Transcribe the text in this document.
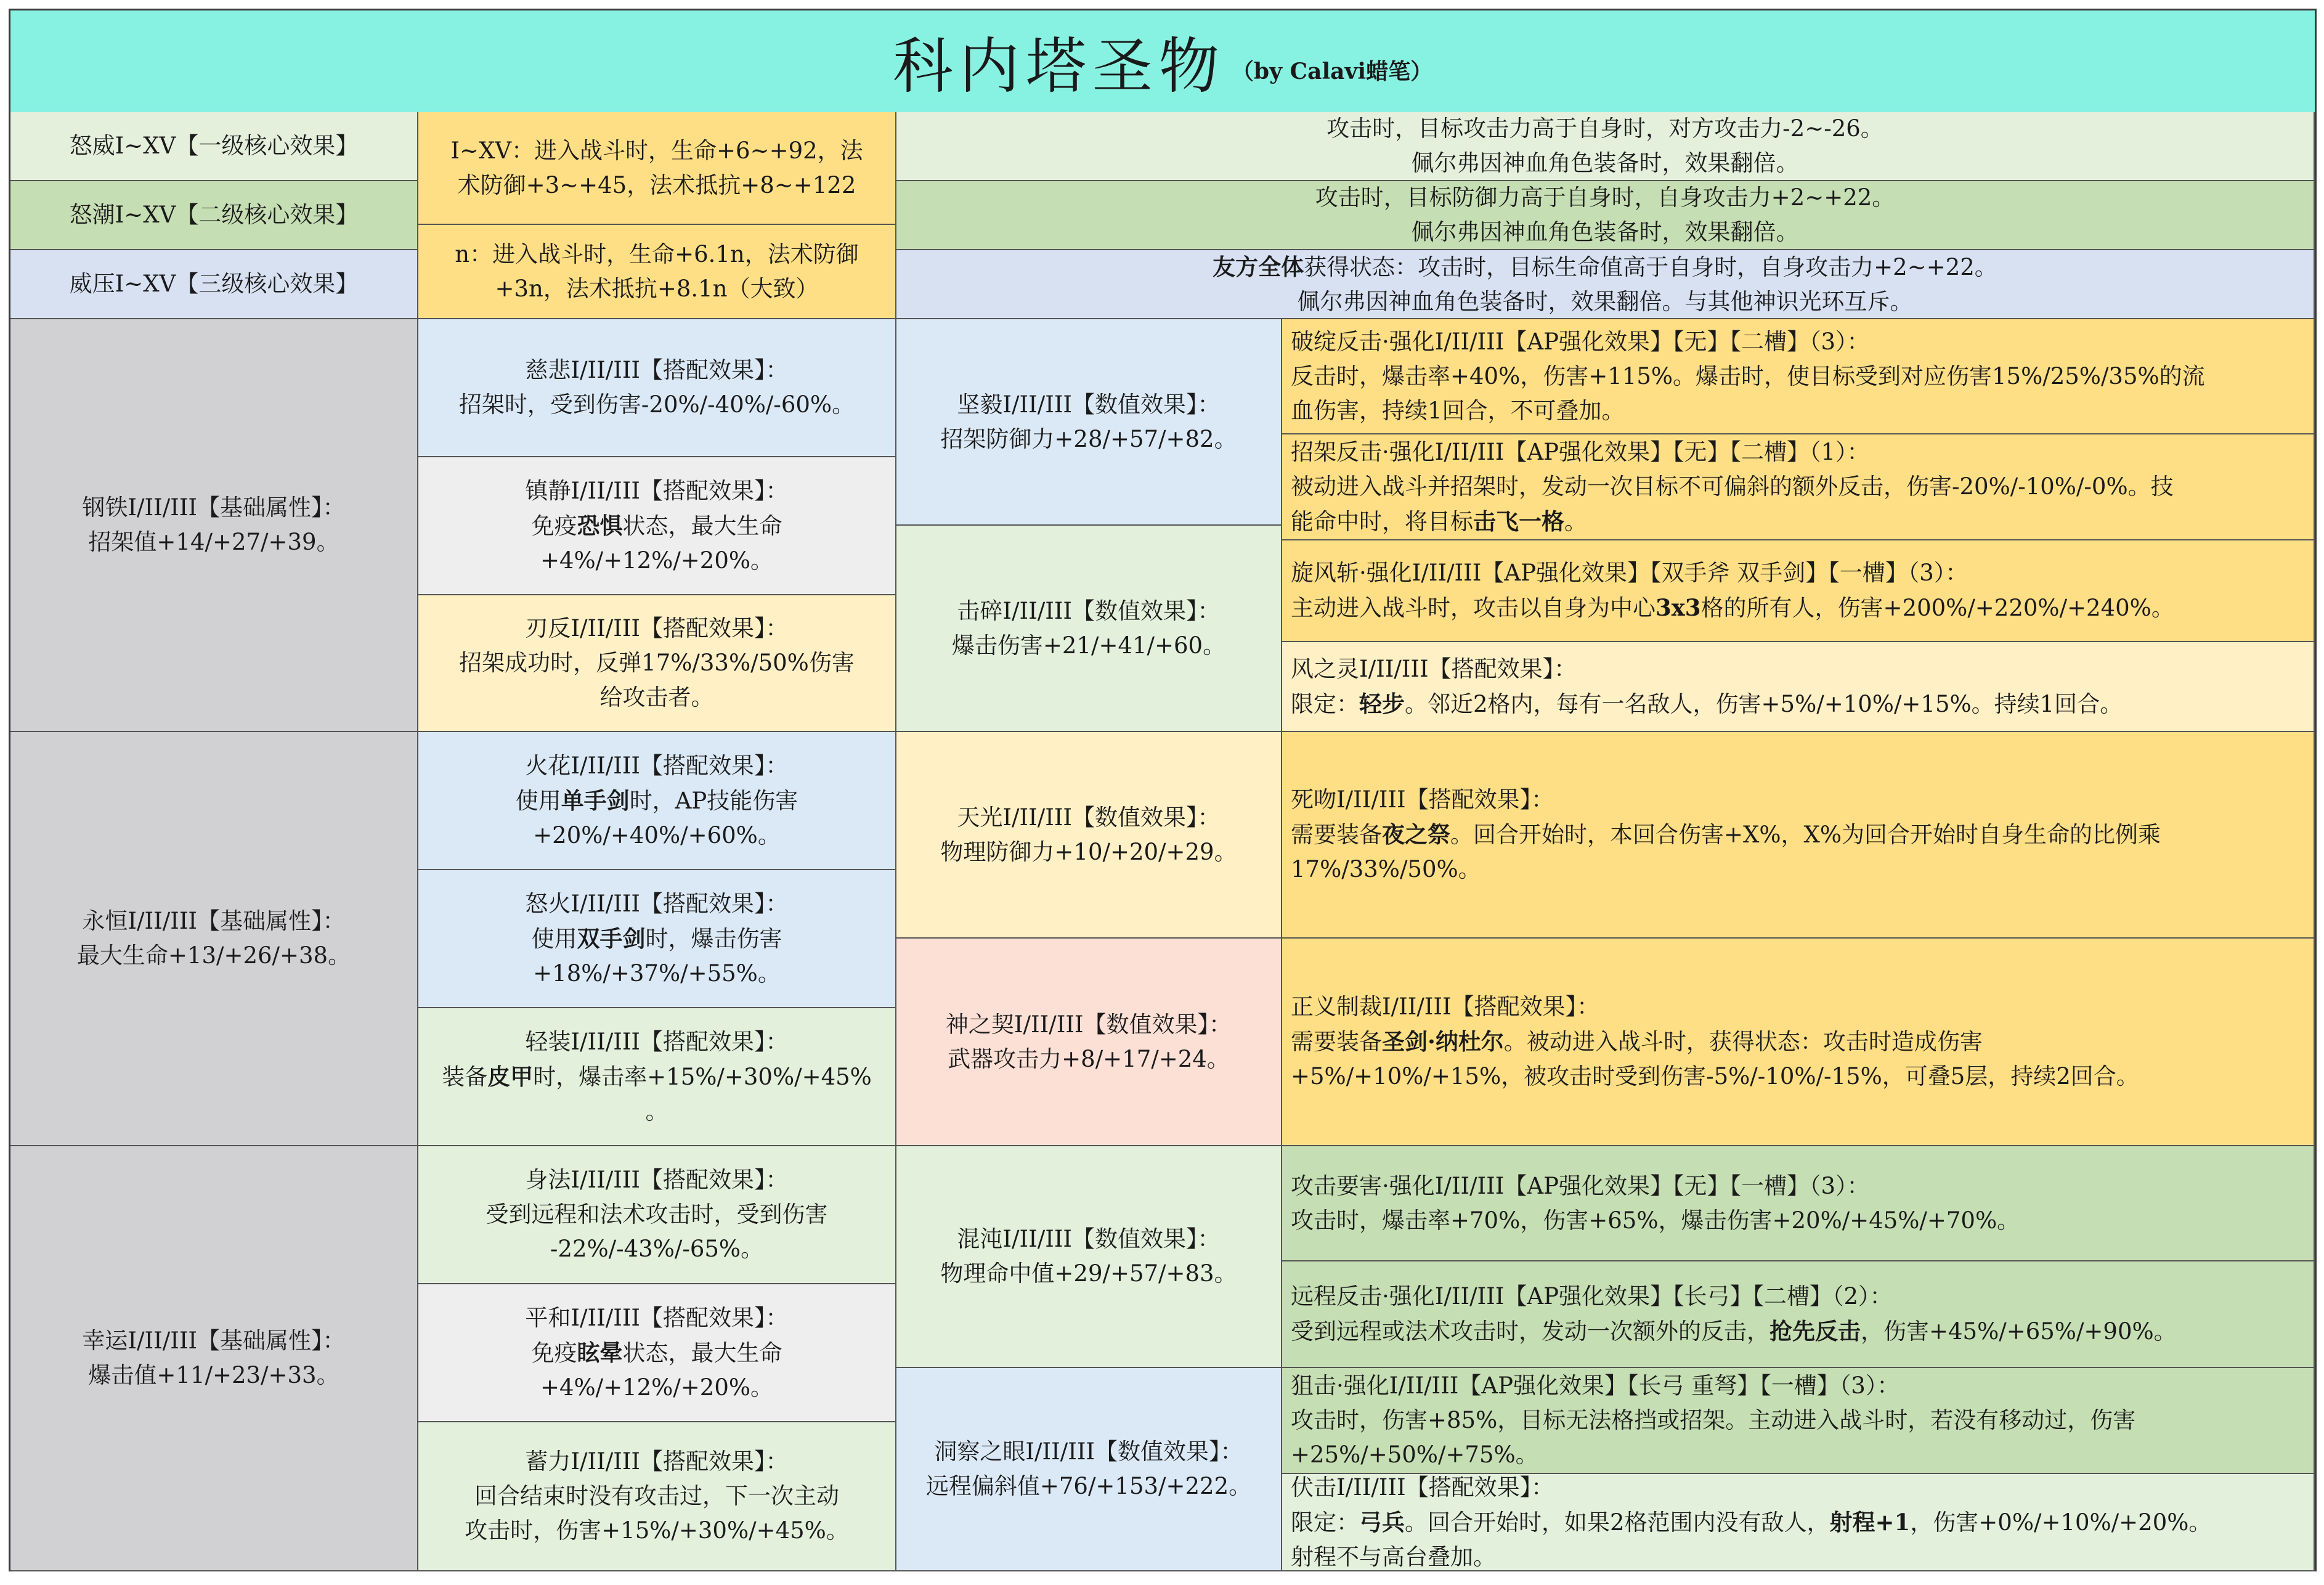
科内塔圣物 （by Calavi蜡笔）
怒威I~XV【一级核心效果】
怒潮I~XV【二级核心效果】
威压I~XV【三级核心效果】
I~XV：进入战斗时，生命+6~+92，法
术防御+3~+45，法术抵抗+8~+122
n：进入战斗时，生命+6.1n，法术防御
+3n，法术抵抗+8.1n（大致）
攻击时，目标攻击力高于自身时，对方攻击力-2~-26。
佩尔弗因神血角色装备时，效果翻倍。
攻击时，目标防御力高于自身时，自身攻击力+2~+22。
佩尔弗因神血角色装备时，效果翻倍。
友方全体获得状态：攻击时，目标生命值高于自身时，自身攻击力+2~+22。
佩尔弗因神血角色装备时，效果翻倍。与其他神识光环互斥。
钢铁I/II/III【基础属性】：
招架值+14/+27/+39。
永恒I/II/III【基础属性】：
最大生命+13/+26/+38。
幸运I/II/III【基础属性】：
爆击值+11/+23/+33。
慈悲I/II/III【搭配效果】：
招架时，受到伤害-20%/-40%/-60%。
镇静I/II/III【搭配效果】：
免疫恐惧状态，最大生命
+4%/+12%/+20%。
刃反I/II/III【搭配效果】：
招架成功时，反弹17%/33%/50%伤害
给攻击者。
火花I/II/III【搭配效果】：
使用单手剑时，AP技能伤害
+20%/+40%/+60%。
怒火I/II/III【搭配效果】：
使用双手剑时，爆击伤害
+18%/+37%/+55%。
轻装I/II/III【搭配效果】：
装备皮甲时，爆击率+15%/+30%/+45%
。
身法I/II/III【搭配效果】：
受到远程和法术攻击时，受到伤害
-22%/-43%/-65%。
平和I/II/III【搭配效果】：
免疫眩晕状态，最大生命
+4%/+12%/+20%。
蓄力I/II/III【搭配效果】：
回合结束时没有攻击过，下一次主动
攻击时，伤害+15%/+30%/+45%。
坚毅I/II/III【数值效果】：
招架防御力+28/+57/+82。
击碎I/II/III【数值效果】：
爆击伤害+21/+41/+60。
天光I/II/III【数值效果】：
物理防御力+10/+20/+29。
神之契I/II/III【数值效果】：
武器攻击力+8/+17/+24。
混沌I/II/III【数值效果】：
物理命中值+29/+57/+83。
洞察之眼I/II/III【数值效果】：
远程偏斜值+76/+153/+222。
破绽反击·强化I/II/III【AP强化效果】【无】【二槽】（3）：
反击时，爆击率+40%，伤害+115%。爆击时，使目标受到对应伤害15%/25%/35%的流
血伤害，持续1回合，不可叠加。
招架反击·强化I/II/III【AP强化效果】【无】【二槽】（1）：
被动进入战斗并招架时，发动一次目标不可偏斜的额外反击，伤害-20%/-10%/-0%。技
能命中时，将目标击飞一格。
旋风斩·强化I/II/III【AP强化效果】【双手斧 双手剑】【一槽】（3）：
主动进入战斗时，攻击以自身为中心3x3格的所有人，伤害+200%/+220%/+240%。
风之灵I/II/III【搭配效果】：
限定：轻步。邻近2格内，每有一名敌人，伤害+5%/+10%/+15%。持续1回合。
死吻I/II/III【搭配效果】：
需要装备夜之祭。回合开始时，本回合伤害+X%，X%为回合开始时自身生命的比例乘
17%/33%/50%。
正义制裁I/II/III【搭配效果】：
需要装备圣剑·纳杜尔。被动进入战斗时，获得状态：攻击时造成伤害
+5%/+10%/+15%，被攻击时受到伤害-5%/-10%/-15%，可叠5层，持续2回合。
攻击要害·强化I/II/III【AP强化效果】【无】【一槽】（3）：
攻击时，爆击率+70%，伤害+65%，爆击伤害+20%/+45%/+70%。
远程反击·强化I/II/III【AP强化效果】【长弓】【二槽】（2）：
受到远程或法术攻击时，发动一次额外的反击，抢先反击，伤害+45%/+65%/+90%。
狙击·强化I/II/III【AP强化效果】【长弓 重弩】【一槽】（3）：
攻击时，伤害+85%，目标无法格挡或招架。主动进入战斗时，若没有移动过，伤害
+25%/+50%/+75%。
伏击I/II/III【搭配效果】：
限定：弓兵。回合开始时，如果2格范围内没有敌人，射程+1，伤害+0%/+10%/+20%。
射程不与高台叠加。
